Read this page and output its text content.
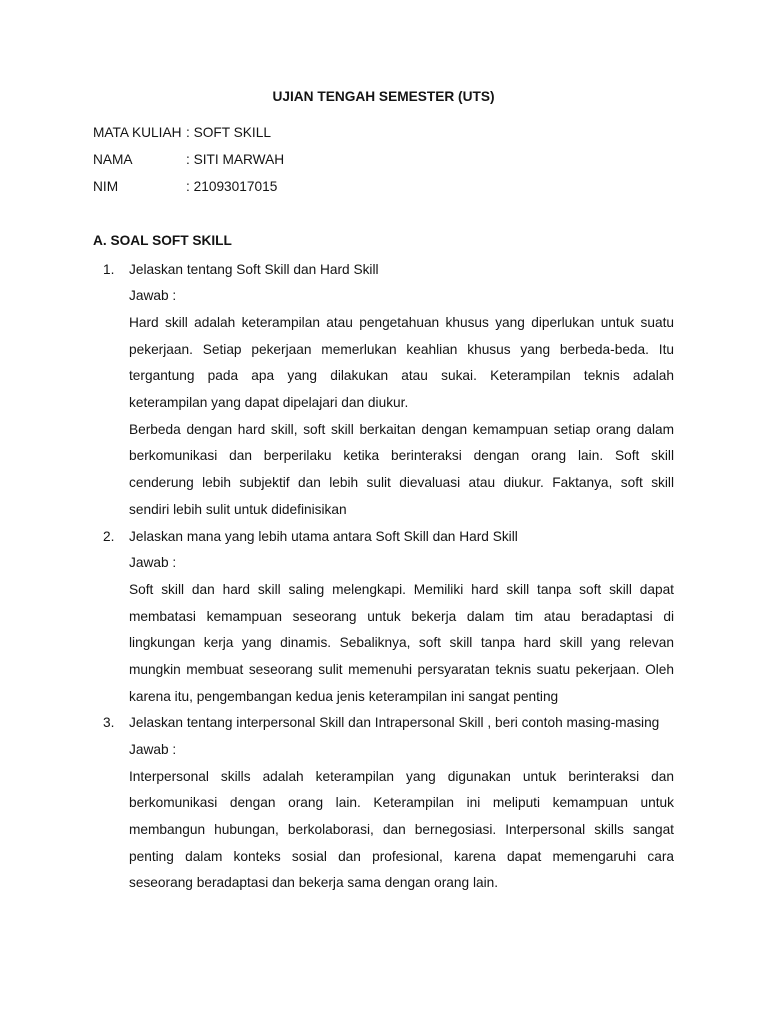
UJIAN TENGAH SEMESTER (UTS)
MATA KULIAH : SOFT SKILL
NAMA	: SITI MARWAH
NIM	: 21093017015
A. SOAL SOFT SKILL
1.	Jelaskan tentang Soft Skill dan Hard Skill
Jawab :
Hard skill adalah keterampilan atau pengetahuan khusus yang diperlukan untuk suatu
pekerjaan. Setiap pekerjaan memerlukan keahlian khusus yang berbeda-beda. Itu
tergantung pada apa yang dilakukan atau sukai. Keterampilan teknis adalah
keterampilan yang dapat dipelajari dan diukur.
Berbeda dengan hard skill, soft skill berkaitan dengan kemampuan setiap orang dalam
berkomunikasi dan berperilaku ketika berinteraksi dengan orang lain. Soft skill
cenderung lebih subjektif dan lebih sulit dievaluasi atau diukur. Faktanya, soft skill
sendiri lebih sulit untuk didefinisikan
2.	Jelaskan mana yang lebih utama antara Soft Skill dan Hard Skill
Jawab :
Soft skill dan hard skill saling melengkapi. Memiliki hard skill tanpa soft skill dapat
membatasi kemampuan seseorang untuk bekerja dalam tim atau beradaptasi di
lingkungan kerja yang dinamis. Sebaliknya, soft skill tanpa hard skill yang relevan
mungkin membuat seseorang sulit memenuhi persyaratan teknis suatu pekerjaan. Oleh
karena itu, pengembangan kedua jenis keterampilan ini sangat penting
3.	Jelaskan tentang interpersonal Skill dan Intrapersonal Skill , beri contoh masing-masing
Jawab :
Interpersonal skills adalah keterampilan yang digunakan untuk berinteraksi dan
berkomunikasi dengan orang lain. Keterampilan ini meliputi kemampuan untuk
membangun hubungan, berkolaborasi, dan bernegosiasi. Interpersonal skills sangat
penting dalam konteks sosial dan profesional, karena dapat memengaruhi cara
seseorang beradaptasi dan bekerja sama dengan orang lain.
